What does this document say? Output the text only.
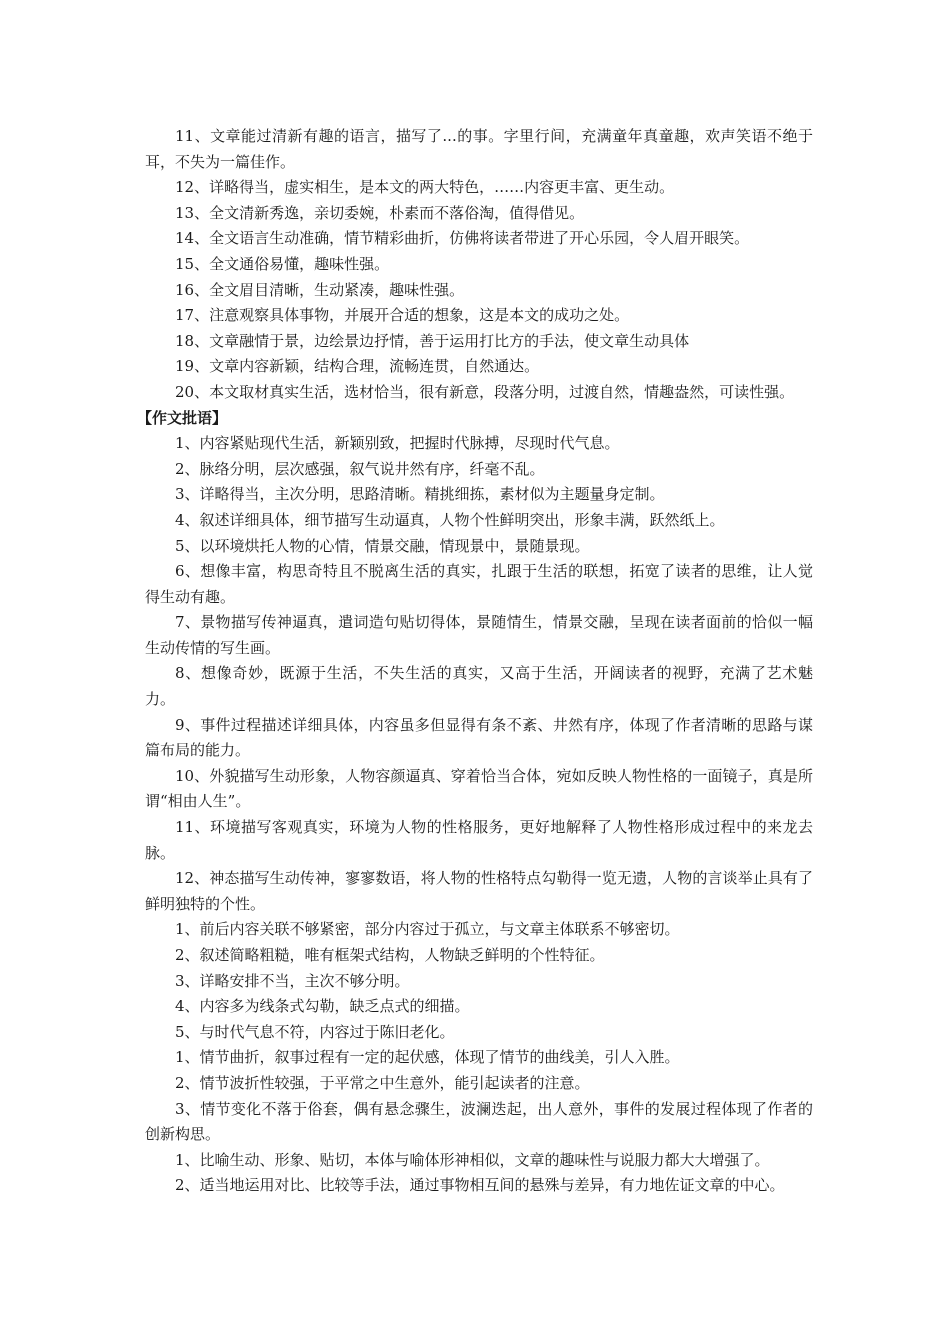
11、文章能过清新有趣的语言，描写了...的事。字里行间，充满童年真童趣，欢声笑语不绝于耳，不失为一篇佳作。

12、详略得当，虚实相生，是本文的两大特色，……内容更丰富、更生动。

13、全文清新秀逸，亲切委婉，朴素而不落俗淘，值得借见。

14、全文语言生动准确，情节精彩曲折，仿佛将读者带进了开心乐园，令人眉开眼笑。

15、全文通俗易懂，趣味性强。

16、全文眉目清晰，生动紧凑，趣味性强。

17、注意观察具体事物，并展开合适的想象，这是本文的成功之处。

18、文章融情于景，边绘景边抒情，善于运用打比方的手法，使文章生动具体

19、文章内容新颖，结构合理，流畅连贯，自然通达。

20、本文取材真实生活，选材恰当，很有新意，段落分明，过渡自然，情趣盎然，可读性强。

【作文批语】

1、内容紧贴现代生活，新颖别致，把握时代脉搏，尽现时代气息。

2、脉络分明，层次感强，叙气说井然有序，纤毫不乱。

3、详略得当，主次分明，思路清晰。精挑细拣，素材似为主题量身定制。

4、叙述详细具体，细节描写生动逼真，人物个性鲜明突出，形象丰满，跃然纸上。

5、以环境烘托人物的心情，情景交融，情现景中，景随景现。

6、想像丰富，构思奇特且不脱离生活的真实，扎跟于生活的联想，拓宽了读者的思维，让人觉得生动有趣。

7、景物描写传神逼真，遣词造句贴切得体，景随情生，情景交融，呈现在读者面前的恰似一幅生动传情的写生画。

8、想像奇妙，既源于生活，不失生活的真实，又高于生活，开阔读者的视野，充满了艺术魅力。

9、事件过程描述详细具体，内容虽多但显得有条不紊、井然有序，体现了作者清晰的思路与谋篇布局的能力。

10、外貌描写生动形象，人物容颜逼真、穿着恰当合体，宛如反映人物性格的一面镜子，真是所谓“相由人生”。

11、环境描写客观真实，环境为人物的性格服务，更好地解释了人物性格形成过程中的来龙去脉。

12、神态描写生动传神，寥寥数语，将人物的性格特点勾勒得一览无遗，人物的言谈举止具有了鲜明独特的个性。

1、前后内容关联不够紧密，部分内容过于孤立，与文章主体联系不够密切。

2、叙述简略粗糙，唯有框架式结构，人物缺乏鲜明的个性特征。

3、详略安排不当，主次不够分明。

4、内容多为线条式勾勒，缺乏点式的细描。

5、与时代气息不符，内容过于陈旧老化。

1、情节曲折，叙事过程有一定的起伏感，体现了情节的曲线美，引人入胜。

2、情节波折性较强，于平常之中生意外，能引起读者的注意。

3、情节变化不落于俗套，偶有悬念骤生，波澜迭起，出人意外，事件的发展过程体现了作者的创新构思。

1、比喻生动、形象、贴切，本体与喻体形神相似，文章的趣味性与说服力都大大增强了。

2、适当地运用对比、比较等手法，通过事物相互间的悬殊与差异，有力地佐证文章的中心。
